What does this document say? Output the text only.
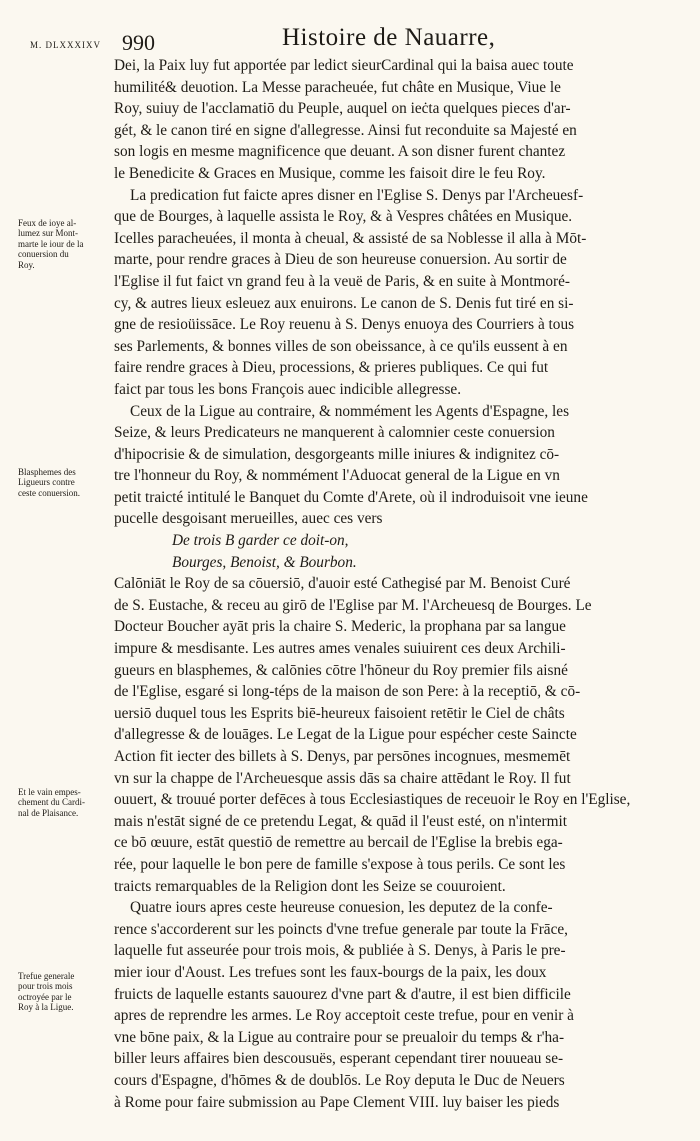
M. DLXXXIXV 990	Histoire de Nauarre,
Dei, la Paix luy fut apportée par ledict sieurCardinal qui la baisa auec toute
humilité& deuotion. La Messe paracheuée, fut châte en Musique, Viue le
Roy, suiuy de l'acclamatiō du Peuple, auquel on ieċta quelques pieces d'ar-
gét, & le canon tiré en signe d'allegresse. Ainsi fut reconduite sa Majesté en
son logis en mesme magnificence que deuant. A son disner furent chantez
le Benedicite & Graces en Musique, comme les faisoit dire le feu Roy.
La predication fut faicte apres disner en l'Eglise S. Denys par l'Archeuesf-
que de Bourges, à laquelle assista le Roy, & à Vespres châtées en Musique.
Icelles paracheuées, il monta à cheual, & assisté de sa Noblesse il alla à Mōt-
marte, pour rendre graces à Dieu de son heureuse conuersion. Au sortir de
l'Eglise il fut faict vn grand feu à la veuë de Paris, & en suite à Montmoré-
cy, & autres lieux esleuez aux enuirons. Le canon de S. Denis fut tiré en si-
gne de resioüissāce. Le Roy reuenu à S. Denys enuoya des Courriers à tous
ses Parlements, & bonnes villes de son obeissance, à ce qu'ils eussent à en
faire rendre graces à Dieu, processions, & prieres publiques. Ce qui fut
faict par tous les bons François auec indicible allegresse.
Ceux de la Ligue au contraire, & nommément les Agents d'Espagne, les
Seize, & leurs Predicateurs ne manquerent à calomnier ceste conuersion
d'hipocrisie & de simulation, desgorgeants mille iniures & indignitez cō-
tre l'honneur du Roy, & nommément l'Aduocat general de la Ligue en vn
petit traicté intitulé le Banquet du Comte d'Arete, où il indroduisoit vne ieune
pucelle desgoisant merueilles, auec ces vers
De trois B garder ce doit-on,
Bourges, Benoist, & Bourbon.
Calōniāt le Roy de sa cōuersiō, d'auoir esté Cathegisé par M. Benoist Curé
de S. Eustache, & receu au girō de l'Eglise par M. l'Archeuesq de Bourges. Le
Docteur Boucher ayāt pris la chaire S. Mederic, la prophana par sa langue
impure & mesdisante. Les autres ames venales suiuirent ces deux Archili-
gueurs en blasphemes, & calōnies cōtre l'hōneur du Roy premier fils aisné
de l'Eglise, esgaré si long-téps de la maison de son Pere: à la receptiō, & cō-
uersiō duquel tous les Esprits biē-heureux faisoient retētir le Ciel de châts
d'allegresse & de louāges. Le Legat de la Ligue pour espécher ceste Saincte
Action fit iecter des billets à S. Denys, par persōnes incognues, mesmemēt
vn sur la chappe de l'Archeuesque assis dās sa chaire attēdant le Roy. Il fut
ouuert, & trouué porter defēces à tous Ecclesiastiques de receuoir le Roy en l'Eglise,
mais n'estāt signé de ce pretendu Legat, & quād il l'eust esté, on n'intermit
ce bō œuure, estāt questiō de remettre au bercail de l'Eglise la brebis ega-
rée, pour laquelle le bon pere de famille s'expose à tous perils. Ce sont les
traicts remarquables de la Religion dont les Seize se couuroient.
Quatre iours apres ceste heureuse conuesion, les deputez de la confe-
rence s'accorderent sur les poincts d'vne trefue generale par toute la Frāce,
laquelle fut asseurée pour trois mois, & publiée à S. Denys, à Paris le pre-
mier iour d'Aoust. Les trefues sont les faux-bourgs de la paix, les doux
fruicts de laquelle estants sauourez d'vne part & d'autre, il est bien difficile
apres de reprendre les armes. Le Roy acceptoit ceste trefue, pour en venir à
vne bōne paix, & la Ligue au contraire pour se preualoir du temps & r'ha-
biller leurs affaires bien descousuës, esperant cependant tirer nouueau se-
cours d'Espagne, d'hōmes & de doublōs. Le Roy deputa le Duc de Neuers
à Rome pour faire submission au Pape Clement VIII. luy baiser les pieds
Feux de ioye al-
lumez sur Mont-
marte le iour de la
conuersion du
Roy.
Blasphemes des
Ligueurs contre
ceste conuersion.
Et le vain empes-
chement du Cardi-
nal de Plaisance.
Trefue generale
pour trois mois
octroyée par le
Roy à la Ligue.
